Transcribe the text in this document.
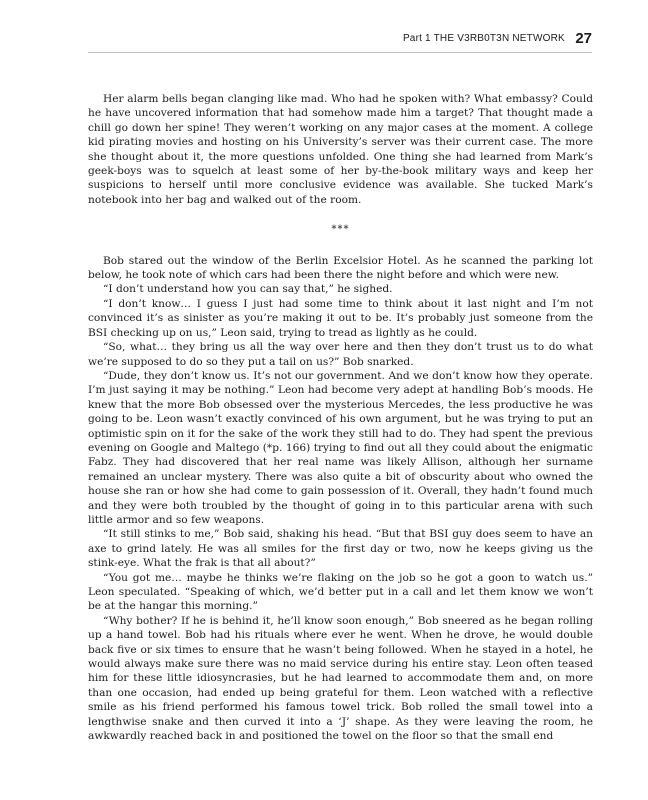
Part 1 THE V3RB0T3N NETWORK 27

Her alarm bells began clanging like mad. Who had he spoken with? What embassy? Could he have uncovered information that had somehow made him a target? That thought made a chill go down her spine! They weren’t working on any major cases at the moment. A college kid pirating movies and hosting on his University’s server was their current case. The more she thought about it, the more questions unfolded. One thing she had learned from Mark’s geek-boys was to squelch at least some of her by-the-book military ways and keep her suspicions to herself until more conclusive evidence was available. She tucked Mark’s notebook into her bag and walked out of the room.

***

Bob stared out the window of the Berlin Excelsior Hotel. As he scanned the parking lot below, he took note of which cars had been there the night before and which were new.

“I don’t understand how you can say that,” he sighed.

“I don’t know… I guess I just had some time to think about it last night and I’m not convinced it’s as sinister as you’re making it out to be. It’s probably just someone from the BSI checking up on us,” Leon said, trying to tread as lightly as he could.

“So, what… they bring us all the way over here and then they don’t trust us to do what we’re supposed to do so they put a tail on us?” Bob snarked.

“Dude, they don’t know us. It’s not our government. And we don’t know how they operate. I’m just saying it may be nothing.” Leon had become very adept at handling Bob’s moods. He knew that the more Bob obsessed over the mysterious Mercedes, the less productive he was going to be. Leon wasn’t exactly convinced of his own argument, but he was trying to put an optimistic spin on it for the sake of the work they still had to do. They had spent the previous evening on Google and Maltego (*p. 166) trying to find out all they could about the enigmatic Fabz. They had discovered that her real name was likely Allison, although her surname remained an unclear mystery. There was also quite a bit of obscurity about who owned the house she ran or how she had come to gain possession of it. Overall, they hadn’t found much and they were both troubled by the thought of going in to this particular arena with such little armor and so few weapons.

“It still stinks to me,” Bob said, shaking his head. “But that BSI guy does seem to have an axe to grind lately. He was all smiles for the first day or two, now he keeps giving us the stink-eye. What the frak is that all about?”

“You got me… maybe he thinks we’re flaking on the job so he got a goon to watch us.” Leon speculated. “Speaking of which, we’d better put in a call and let them know we won’t be at the hangar this morning.”

“Why bother? If he is behind it, he’ll know soon enough,” Bob sneered as he began rolling up a hand towel. Bob had his rituals where ever he went. When he drove, he would double back five or six times to ensure that he wasn’t being followed. When he stayed in a hotel, he would always make sure there was no maid service during his entire stay. Leon often teased him for these little idiosyncrasies, but he had learned to accommodate them and, on more than one occasion, had ended up being grateful for them. Leon watched with a reflective smile as his friend performed his famous towel trick. Bob rolled the small towel into a lengthwise snake and then curved it into a ‘J’ shape. As they were leaving the room, he awkwardly reached back in and positioned the towel on the floor so that the small end
